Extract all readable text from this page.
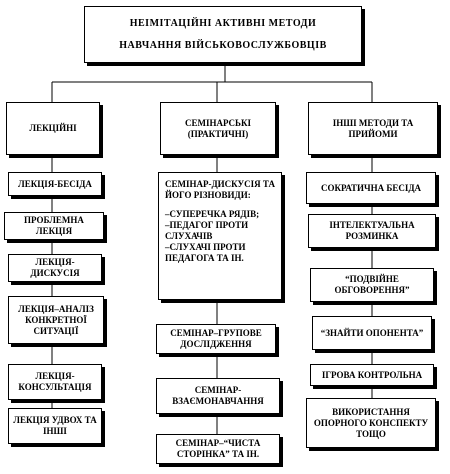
НЕІМІТАЦІЙНІ АКТИВНІ МЕТОДИ
НАВЧАННЯ ВІЙСЬКОВОСЛУЖБОВЦІВ
ЛЕКЦІЙНІ
СЕМІНАРСЬКІ (ПРАКТИЧНІ)
ІНШІ МЕТОДИ ТА ПРИЙОМИ
ЛЕКЦІЯ-БЕСІДА
ПРОБЛЕМНА ЛЕКЦІЯ
ЛЕКЦІЯ-ДИСКУСІЯ
ЛЕКЦІЯ–АНАЛІЗ КОНКРЕТНОЇ СИТУАЦІЇ
ЛЕКЦІЯ-КОНСУЛЬТАЦІЯ
ЛЕКЦІЯ УДВОХ ТА ІНШІ
СЕМІНАР-ДИСКУСІЯ ТА ЙОГО РІЗНОВИДИ:
–СУПЕРЕЧКА РЯДІВ;
–ПЕДАГОГ ПРОТИ СЛУХАЧІВ
–СЛУХАЧІ ПРОТИ ПЕДАГОГА ТА ІН.
СЕМІНАР–ГРУПОВЕ ДОСЛІДЖЕННЯ
СЕМІНАР-ВЗАЄМОНАВЧАННЯ
СЕМІНАР–“ЧИСТА СТОРІНКА” ТА ІН.
СОКРАТИЧНА БЕСІДА
ІНТЕЛЕКТУАЛЬНА РОЗМИНКА
“ПОДВІЙНЕ ОБГОВОРЕННЯ”
“ЗНАЙТИ ОПОНЕНТА”
ІГРОВА КОНТРОЛЬНА
ВИКОРИСТАННЯ ОПОРНОГО КОНСПЕКТУ ТОЩО
